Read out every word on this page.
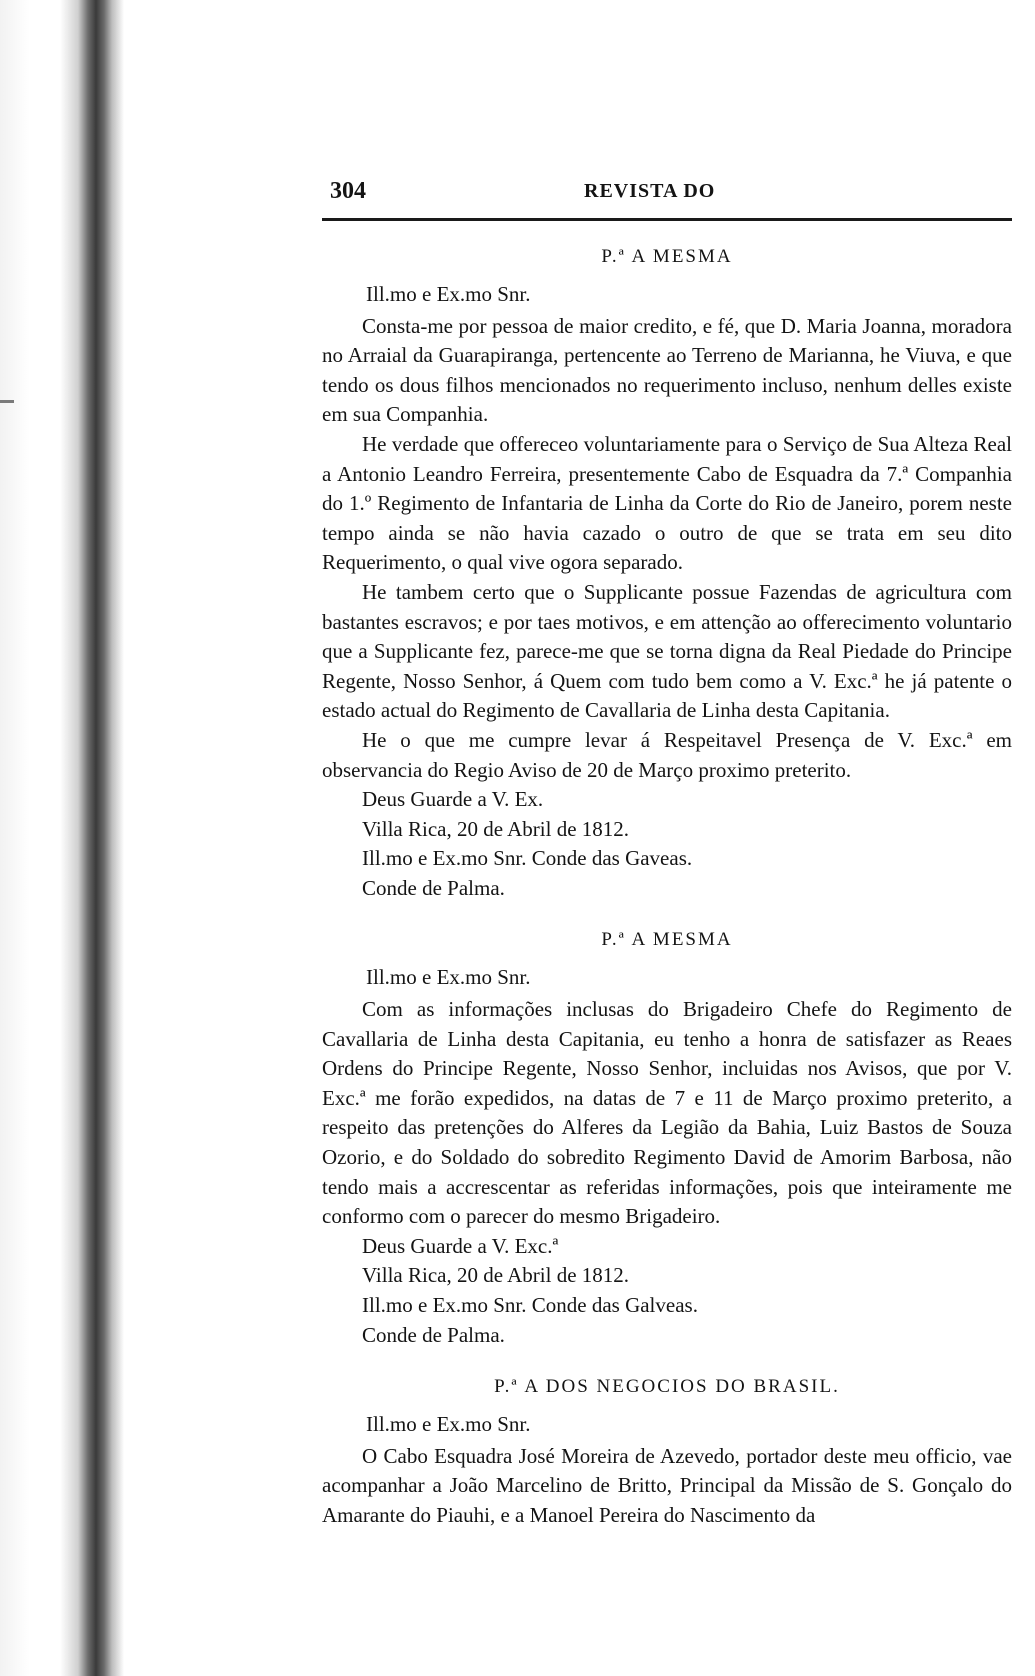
304	REVISTA DO
P.ª A MESMA
Ill.mo e Ex.mo Snr.

Consta-me por pessoa de maior credito, e fé, que D. Maria Joanna, moradora no Arraial da Guarapiranga, pertencente ao Terreno de Marianna, he Viuva, e que tendo os dous filhos mencionados no requerimento incluso, nenhum delles existe em sua Companhia.

He verdade que offereceo voluntariamente para o Serviço de Sua Alteza Real a Antonio Leandro Ferreira, presentemente Cabo de Esquadra da 7.ª Companhia do 1.º Regimento de Infantaria de Linha da Corte do Rio de Janeiro, porem neste tempo ainda se não havia cazado o outro de que se trata em seu dito Requerimento, o qual vive ogora separado.

He tambem certo que o Supplicante possue Fazendas de agricultura com bastantes escravos; e por taes motivos, e em attenção ao offerecimento voluntario que a Supplicante fez, parece-me que se torna digna da Real Piedade do Principe Regente, Nosso Senhor, á Quem com tudo bem como a V. Exc.ª he já patente o estado actual do Regimento de Cavallaria de Linha desta Capitania.

He o que me cumpre levar á Respeitavel Presença de V. Exc.ª em observancia do Regio Aviso de 20 de Março proximo preterito.

Deus Guarde a V. Ex.
Villa Rica, 20 de Abril de 1812.
Ill.mo e Ex.mo Snr. Conde das Gaveas.
Conde de Palma.
P.ª A MESMA
Ill.mo e Ex.mo Snr.

Com as informações inclusas do Brigadeiro Chefe do Regimento de Cavallaria de Linha desta Capitania, eu tenho a honra de satisfazer as Reaes Ordens do Principe Regente, Nosso Senhor, incluidas nos Avisos, que por V. Exc.ª me forão expedidos, na datas de 7 e 11 de Março proximo preterito, a respeito das pretenções do Alferes da Legião da Bahia, Luiz Bastos de Souza Ozorio, e do Soldado do sobredito Regimento David de Amorim Barbosa, não tendo mais a accrescentar as referidas informações, pois que inteiramente me conformo com o parecer do mesmo Brigadeiro.

Deus Guarde a V. Exc.ª
Villa Rica, 20 de Abril de 1812.
Ill.mo e Ex.mo Snr. Conde das Galveas.
Conde de Palma.
P.ª A DOS NEGOCIOS DO BRASIL.
Ill.mo e Ex.mo Snr.

O Cabo Esquadra José Moreira de Azevedo, portador deste meu officio, vae acompanhar a João Marcelino de Britto, Principal da Missão de S. Gonçalo do Amarante do Piauhi, e a Manoel Pereira do Nascimento da
